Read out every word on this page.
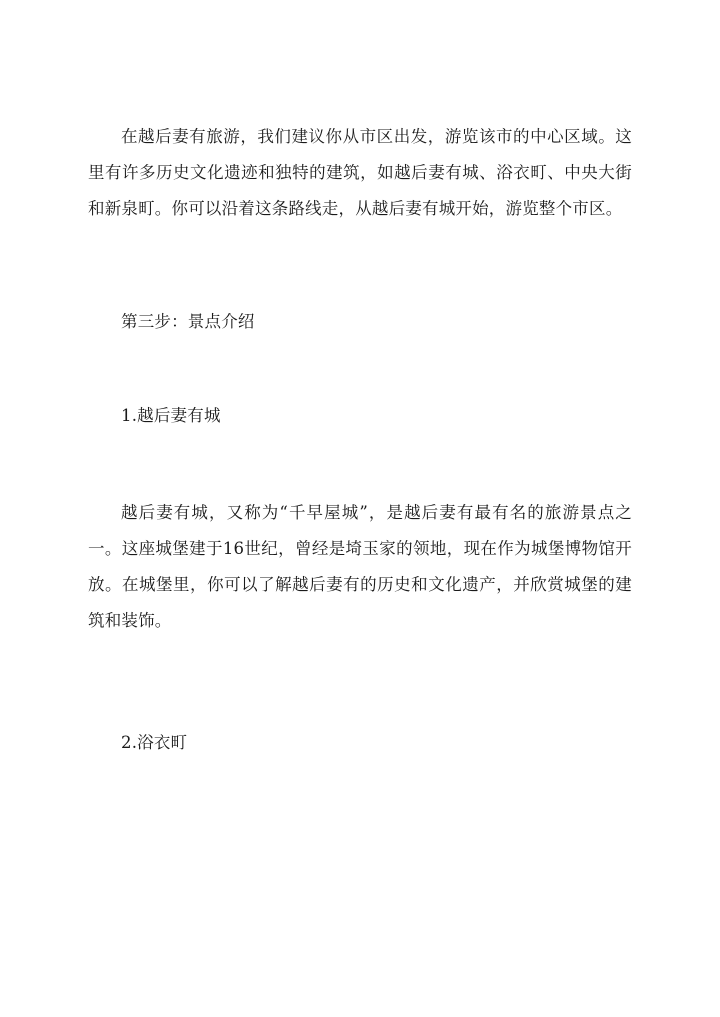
在越后妻有旅游，我们建议你从市区出发，游览该市的中心区域。这里有许多历史文化遗迹和独特的建筑，如越后妻有城、浴衣町、中央大街和新泉町。你可以沿着这条路线走，从越后妻有城开始，游览整个市区。

第三步：景点介绍

1.越后妻有城

越后妻有城，又称为“千早屋城”，是越后妻有最有名的旅游景点之一。这座城堡建于16世纪，曾经是埼玉家的领地，现在作为城堡博物馆开放。在城堡里，你可以了解越后妻有的历史和文化遗产，并欣赏城堡的建筑和装饰。

2.浴衣町
